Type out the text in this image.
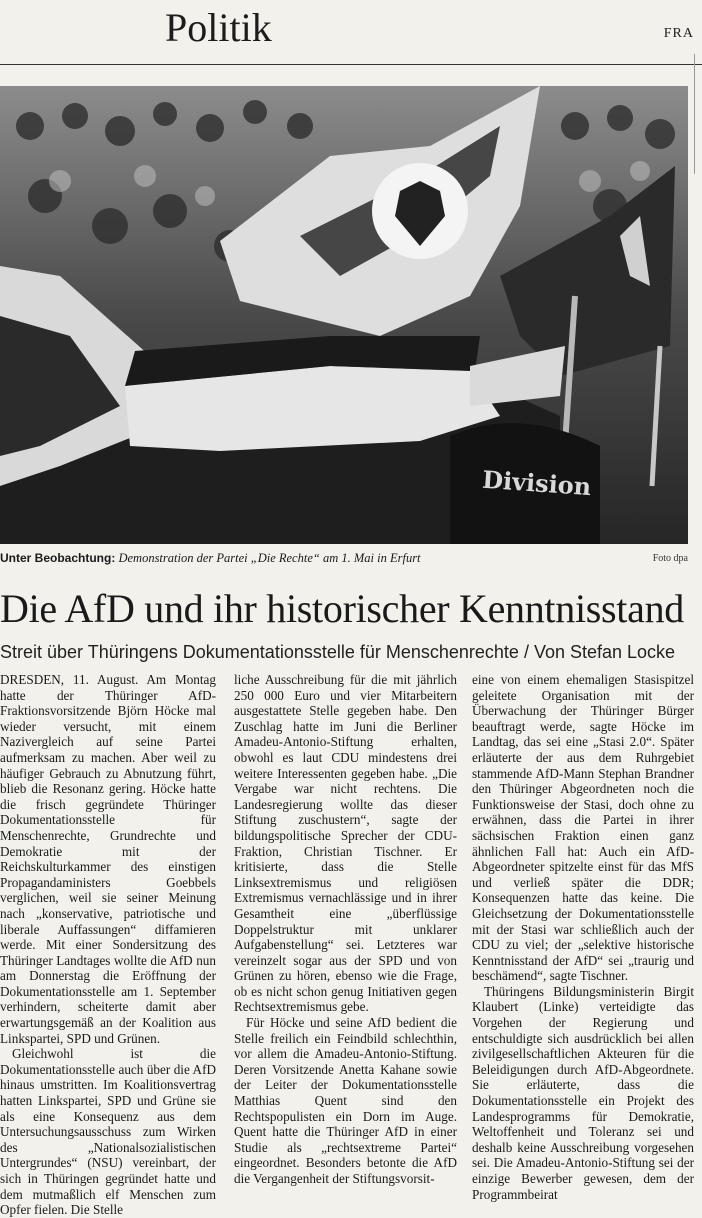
Politik	FRA
Division
Unter Beobachtung: Demonstration der Partei „Die Rechte“ am 1. Mai in Erfurt	Foto dpa
Die AfD und ihr historischer Kenntnisstand
Streit über Thüringens Dokumentationsstelle für Menschenrechte / Von Stefan Locke

DRESDEN, 11. August. Am Montag hatte der Thüringer AfD-Fraktionsvorsitzende Björn Höcke mal wieder versucht, mit einem Nazivergleich auf seine Partei aufmerksam zu machen. Aber weil zu häufiger Gebrauch zu Abnutzung führt, blieb die Resonanz gering. Höcke hatte die frisch gegründete Thüringer Dokumentationsstelle für Menschenrechte, Grundrechte und Demokratie mit der Reichskulturkammer des einstigen Propagandaministers Goebbels verglichen, weil sie seiner Meinung nach „konservative, patriotische und liberale Auffassungen“ diffamieren werde. Mit einer Sondersitzung des Thüringer Landtages wollte die AfD nun am Donnerstag die Eröffnung der Dokumentationsstelle am 1. September verhindern, scheiterte damit aber erwartungsgemäß an der Koalition aus Linkspartei, SPD und Grünen.

Gleichwohl ist die Dokumentationsstelle auch über die AfD hinaus umstritten. Im Koalitionsvertrag hatten Linkspartei, SPD und Grüne sie als eine Konsequenz aus dem Untersuchungsausschuss zum Wirken des „Nationalsozialistischen Untergrundes“ (NSU) vereinbart, der sich in Thüringen gegründet hatte und dem mutmaßlich elf Menschen zum Opfer fielen. Die Stelle

liche Ausschreibung für die mit jährlich 250 000 Euro und vier Mitarbeitern ausgestattete Stelle gegeben habe. Den Zuschlag hatte im Juni die Berliner Amadeu-Antonio-Stiftung erhalten, obwohl es laut CDU mindestens drei weitere Interessenten gegeben habe. „Die Vergabe war nicht rechtens. Die Landesregierung wollte das dieser Stiftung zuschustern“, sagte der bildungspolitische Sprecher der CDU-Fraktion, Christian Tischner. Er kritisierte, dass die Stelle Linksextremismus und religiösen Extremismus vernachlässige und in ihrer Gesamtheit eine „überflüssige Doppelstruktur mit unklarer Aufgabenstellung“ sei. Letzteres war vereinzelt sogar aus der SPD und von Grünen zu hören, ebenso wie die Frage, ob es nicht schon genug Initiativen gegen Rechtsextremismus gebe.

Für Höcke und seine AfD bedient die Stelle freilich ein Feindbild schlechthin, vor allem die Amadeu-Antonio-Stiftung. Deren Vorsitzende Anetta Kahane sowie der Leiter der Dokumentationsstelle Matthias Quent sind den Rechtspopulisten ein Dorn im Auge. Quent hatte die Thüringer AfD in einer Studie als „rechtsextreme Partei“ eingeordnet. Besonders betonte die AfD die Vergangenheit der Stiftungsvorsit-

eine von einem ehemaligen Stasispitzel geleitete Organisation mit der Überwachung der Thüringer Bürger beauftragt werde, sagte Höcke im Landtag, das sei eine „Stasi 2.0“. Später erläuterte der aus dem Ruhrgebiet stammende AfD-Mann Stephan Brandner den Thüringer Abgeordneten noch die Funktionsweise der Stasi, doch ohne zu erwähnen, dass die Partei in ihrer sächsischen Fraktion einen ganz ähnlichen Fall hat: Auch ein AfD-Abgeordneter spitzelte einst für das MfS und verließ später die DDR; Konsequenzen hatte das keine. Die Gleichsetzung der Dokumentationsstelle mit der Stasi war schließlich auch der CDU zu viel; der „selektive historische Kenntnisstand der AfD“ sei „traurig und beschämend“, sagte Tischner.

Thüringens Bildungsministerin Birgit Klaubert (Linke) verteidigte das Vorgehen der Regierung und entschuldigte sich ausdrücklich bei allen zivilgesellschaftlichen Akteuren für die Beleidigungen durch AfD-Abgeordnete. Sie erläuterte, dass die Dokumentationsstelle ein Projekt des Landesprogramms für Demokratie, Weltoffenheit und Toleranz sei und deshalb keine Ausschreibung vorgesehen sei. Die Amadeu-Antonio-Stiftung sei der einzige Bewerber gewesen, dem der Programmbeirat
